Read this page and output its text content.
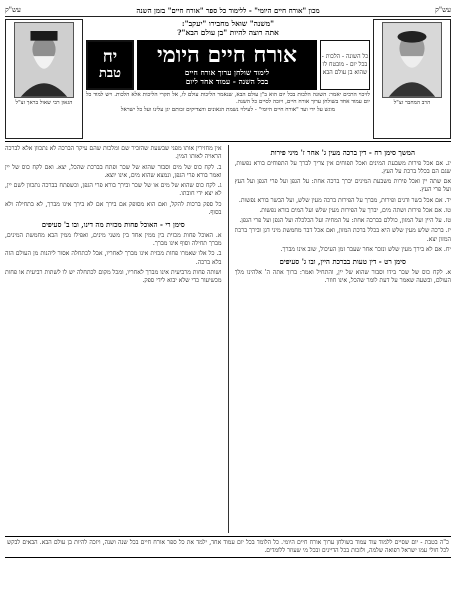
עש"ק
מכון "אורח חיים היומי" - ללימוד כל ספר "אורח חיים" בזמן השנה
עש"ק
הרב המחבר זצ"ל
"משנה" שואל מחבירו "יעקב":
אתה רוצה להיות "בן עולם הבא"?
כל השונה - הלכות - בכל יום - מובטח לו שהוא בן עולם הבא
אורח חיים היומי
לימוד שולחן ערוך אורח חיים
בכל השנה - עמוד אחד ליום
יח
טבת
לזיכוי הרבים יאמר: השונה הלכות בכל יום הוא ב"ן עולם הבא, שנאמר הליכות עולם לו, אל תקרי הליכות אלא הלכות. ויש למוד כל יום עמוד אחד בשולחן ערוך אורח חיים, ויזכה לסיים כל השנה.
מוגש על ידי ועד "אורח חיים היומי" - לעילוי נשמת הגאונים והצדיקים זכותם יגן עלינו ועל כל ישראל
הגאון רבי שאול בראך זצ"ל
המשך סימן רח - דין ברכה מעין ג' אחר ז' מיני פירות

יג. אם אכל פירות משבעת המינים ואכל תפוחים אין צריך לברך על התפוחים בורא נפשות, שגם הם בכלל ברכת על העץ.

אם שתה יין ואכל פירות משבעת המינים יברך ברכה אחת: על הגפן ועל פרי הגפן ועל העץ ועל פרי העץ.

יד. אם אכל בשר ודגים ופירות, מברך על הפירות ברכה מעין שלש, ועל הבשר בורא נפשות.

טו. אם אכל פירות ושתה מים, יברך על הפירות מעין שלש ועל המים בורא נפשות.

טז. על היין ועל המזון, כוללם בברכה אחת: על המחיה ועל הכלכלה ועל הגפן ועל פרי הגפן.

יז. ברכה שלש מעין שלש היא בכלל ברכת המזון, ואם אכל דבר מחמשת מיני דגן ובירך ברכת המזון יצא.

יח. אם לא בירך מעין שלש ונזכר אחר שעבר זמן העיכול, שוב אינו מברך.

סימן רט - דין טעות בברכת היין, ובו ג' סעיפים

א. לקח כוס של שכר בידו וסבור שהוא של יין, והתחיל ואמר: ברוך אתה ה' אלהינו מלך העולם, ובשעה שאמר על דעת לומר שהכל, אינו חוזר.

אין מחזירין אותו מפני שבשעת שהזכיר שם ומלכות שהם עיקר הברכה לא נתכוון אלא לברכה הראויה לאותו המין.

ב. לקח כוס של מים וסבור שהוא של שכר ופתח בברכת שהכל, יצא. ואם לקח כוס של יין ואמר בורא פרי הגפן, ונמצא שהוא מים, אינו יוצא.

ג. לקח כוס שהוא של מים או של שכר ובירך בורא פרי הגפן, וכשפתח בברכה נתכוון לשם יין, לא יצא ידי חובתו.

כל ספק ברכות להקל, ואם הוא מסופק אם בירך אם לא בירך אינו מברך, לא בתחילה ולא בסוף.

סימן רי - האוכל פחות מכזית מה דינו, ובו ב' סעיפים

א. האוכל פחות מכזית בין ממין אחד בין משני מינים, ואפילו ממין הבא מחמשת המינים, מברך תחילה וסוף אינו מברך.

ב. כל אלו שאמרו פחות מכזית אינו מברך לאחריו, אבל לכתחלה אסור ליהנות מן העולם הזה בלא ברכה.

ושותה פחות מרביעית אינו מברך לאחריו, ומכל מקום לכתחלה יש לו לשתות רביעית או פחות מכשיעור כדי שלא יבוא לידי ספק.

כ"ה בטבת - יום שסיים ללמוד עוד עמוד בשולחן ערוך אורח חיים היומי. כל הלומד בכל יום עמוד אחד, ילמד את כל ספר אורח חיים בכל שנה ושנה, ויזכה להיות בן עולם הבא. הבאים לבקש לכל חולי עמו ישראל רפואה שלמה, ולזכות בכל הדיינים ובכל מי שעוזר ללומדים.
